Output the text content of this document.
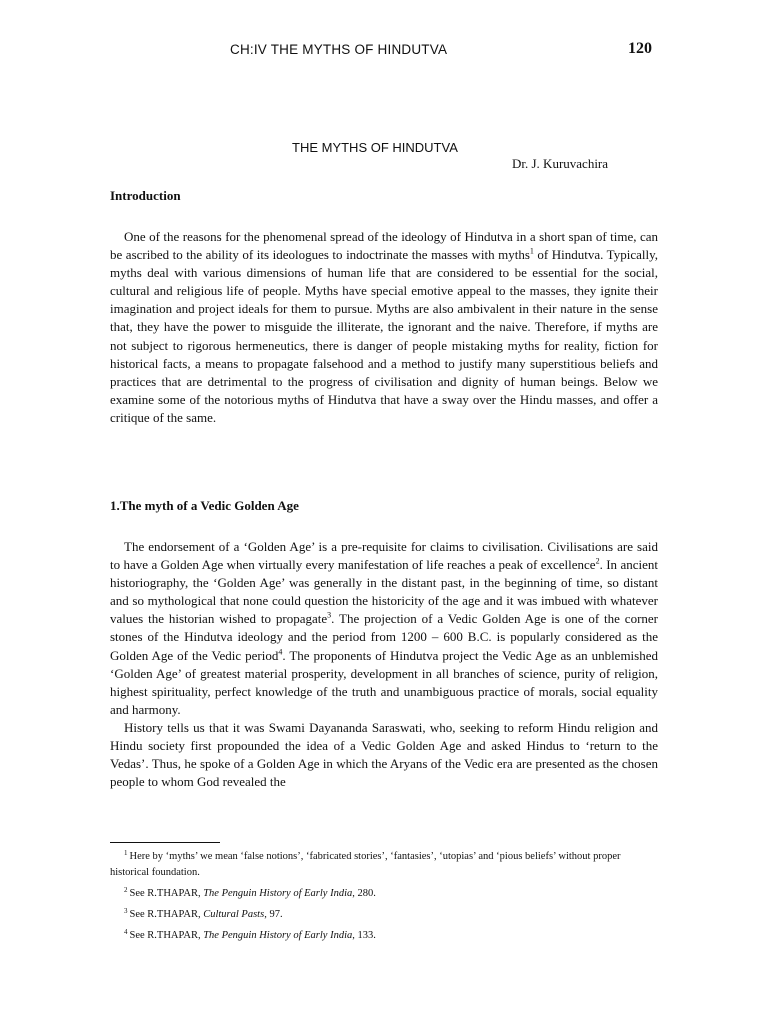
CH:IV THE MYTHS OF HINDUTVA	120
THE MYTHS OF HINDUTVA
Dr. J. Kuruvachira
Introduction

One of the reasons for the phenomenal spread of the ideology of Hindutva in a short span of time, can be ascribed to the ability of its ideologues to indoctrinate the masses with myths$^1$ of Hindutva. Typically, myths deal with various dimensions of human life that are considered to be essential for the social, cultural and religious life of people. Myths have special emotive appeal to the masses, they ignite their imagination and project ideals for them to pursue. Myths are also ambivalent in their nature in the sense that, they have the power to misguide the illiterate, the ignorant and the naive. Therefore, if myths are not subject to rigorous hermeneutics, there is danger of people mistaking myths for reality, fiction for historical facts, a means to propagate falsehood and a method to justify many superstitious beliefs and practices that are detrimental to the progress of civilisation and dignity of human beings. Below we examine some of the notorious myths of Hindutva that have a sway over the Hindu masses, and offer a critique of the same.

1.The myth of a Vedic Golden Age

The endorsement of a ‘Golden Age’ is a pre-requisite for claims to civilisation. Civilisations are said to have a Golden Age when virtually every manifestation of life reaches a peak of excellence$^2$. In ancient historiography, the ‘Golden Age’ was generally in the distant past, in the beginning of time, so distant and so mythological that none could question the historicity of the age and it was imbued with whatever values the historian wished to propagate$^3$. The projection of a Vedic Golden Age is one of the corner stones of the Hindutva ideology and the period from 1200 – 600 B.C. is popularly considered as the Golden Age of the Vedic period$^4$. The proponents of Hindutva project the Vedic Age as an unblemished ‘Golden Age’ of greatest material prosperity, development in all branches of science, purity of religion, highest spirituality, perfect knowledge of the truth and unambiguous practice of morals, social equality and harmony.

History tells us that it was Swami Dayananda Saraswati, who, seeking to reform Hindu religion and Hindu society first propounded the idea of a Vedic Golden Age and asked Hindus to ‘return to the Vedas’. Thus, he spoke of a Golden Age in which the Aryans of the Vedic era are presented as the chosen people to whom God revealed the

$^1$ Here by ‘myths’ we mean ‘false notions’, ‘fabricated stories’, ‘fantasies’, ‘utopias’ and ‘pious beliefs’ without proper historical foundation.

$^2$ See R.THAPAR, The Penguin History of Early India, 280.

$^3$ See R.THAPAR, Cultural Pasts, 97.

$^4$ See R.THAPAR, The Penguin History of Early India, 133.
